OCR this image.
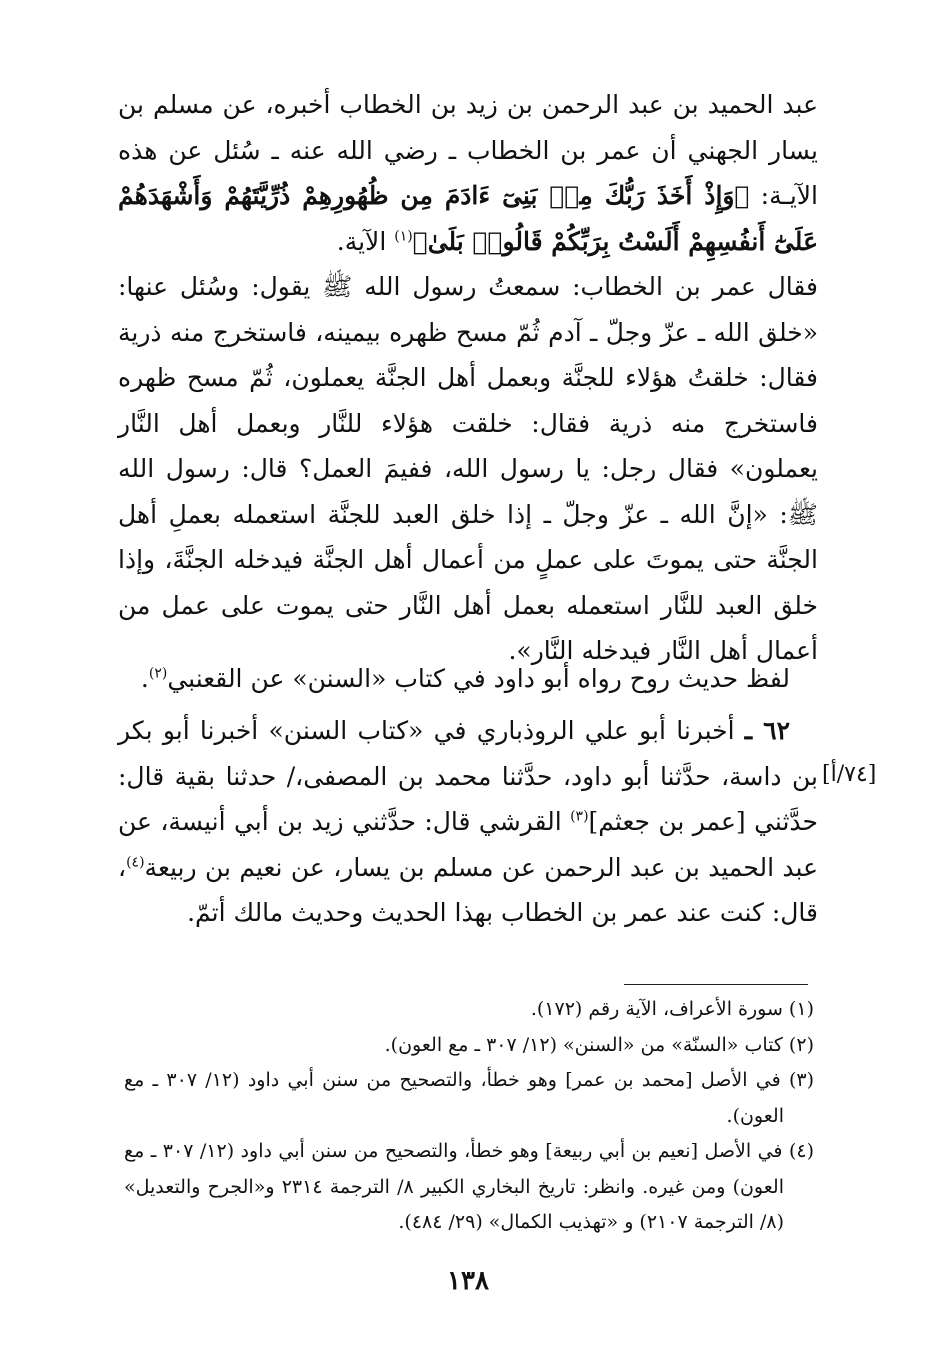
عبد الحميد بن عبد الرحمن بن زيد بن الخطاب أخبره، عن مسلم بن يسار الجهني أن عمر بن الخطاب ـ رضي الله عنه ـ سُئل عن هذه الآيـة: ﴿وَإِذْ أَخَذَ رَبُّكَ مِنۢ بَنِىٓ ءَادَمَ مِن ظُهُورِهِمْ ذُرِّيَّتَهُمْ وَأَشْهَدَهُمْ عَلَىٰٓ أَنفُسِهِمْ أَلَسْتُ بِرَبِّكُمْ قَالُوا۟ بَلَىٰ﴾$^{(١)}$ الآية.

فقال عمر بن الخطاب: سمعتُ رسول الله ﷺ يقول: وسُئل عنها: «خلق الله ـ عزّ وجلّ ـ آدم ثُمّ مسح ظهره بيمينه، فاستخرج منه ذرية فقال: خلقتُ هؤلاء للجنَّة وبعمل أهل الجنَّة يعملون، ثُمّ مسح ظهره فاستخرج منه ذرية فقال: خلقت هؤلاء للنَّار وبعمل أهل النَّار يعملون» فقال رجل: يا رسول الله، ففيمَ العمل؟ قال: رسول الله ﷺ: «إنَّ الله ـ عزّ وجلّ ـ إذا خلق العبد للجنَّة استعمله بعملِ أهل الجنَّة حتى يموتَ على عملٍ من أعمال أهل الجنَّة فيدخله الجنَّةَ، وإذا خلق العبد للنَّار استعمله بعمل أهل النَّار حتى يموت على عمل من أعمال أهل النَّار فيدخله النَّار».

لفظ حديث روح رواه أبو داود في كتاب «السنن» عن القعنبي$^{(٢)}$.

٦٢ ـ أخبرنا أبو علي الروذباري في «كتاب السنن» أخبرنا أبو بكر بن داسة، حدَّثنا أبو داود، حدَّثنا محمد بن المصفى،/ حدثنا بقية قال: حدَّثني [عمر بن جعثم]$^{(٣)}$ القرشي قال: حدَّثني زيد بن أبي أنيسة، عن عبد الحميد بن عبد الرحمن عن مسلم بن يسار، عن نعيم بن ربيعة$^{(٤)}$، قال: كنت عند عمر بن الخطاب بهذا الحديث وحديث مالك أتمّ.

[٧٤/أ]

(١) سورة الأعراف، الآية رقم (١٧٢).

(٢) كتاب «السنّة» من «السنن» (١٢/ ٣٠٧ ـ مع العون).

(٣) في الأصل [محمد بن عمر] وهو خطأ، والتصحيح من سنن أبي داود (١٢/ ٣٠٧ ـ مع العون).

(٤) في الأصل [نعيم بن أبي ربيعة] وهو خطأ، والتصحيح من سنن أبي داود (١٢/ ٣٠٧ ـ مع العون) ومن غيره. وانظر: تاريخ البخاري الكبير ٨/ الترجمة ٢٣١٤ و«الجرح والتعديل» (٨/ الترجمة ٢١٠٧) و «تهذيب الكمال» (٢٩/ ٤٨٤).

١٣٨
